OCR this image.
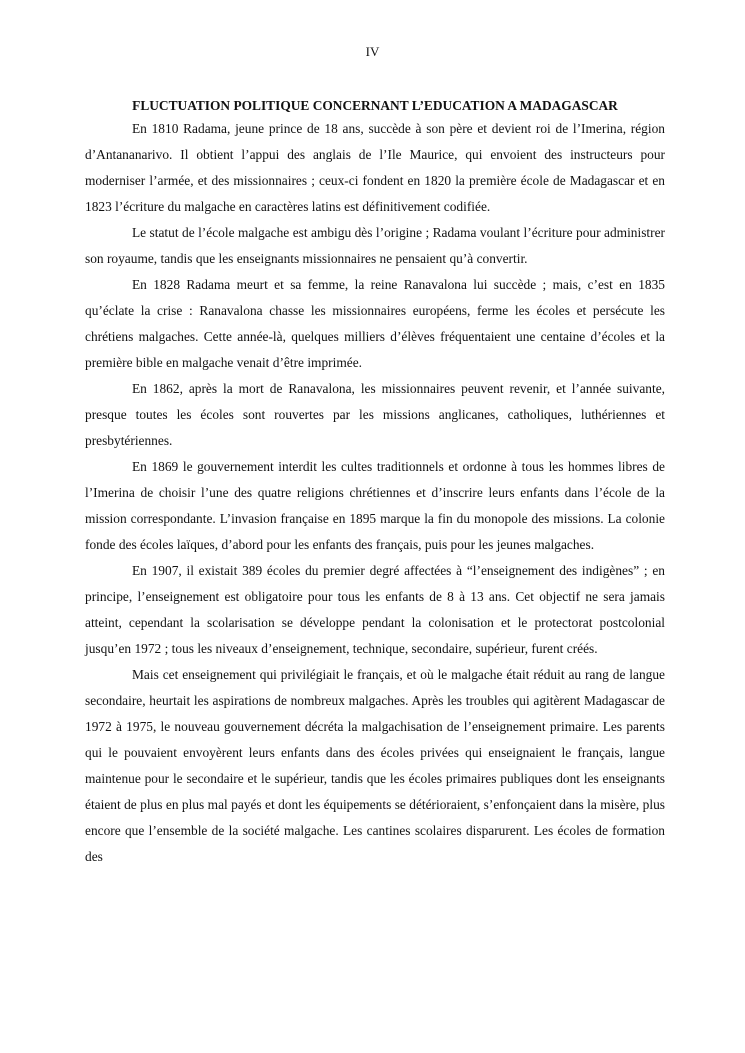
IV
FLUCTUATION POLITIQUE CONCERNANT L’EDUCATION A MADAGASCAR

En 1810 Radama, jeune prince de 18 ans, succède à son père et devient roi de l’Imerina, région d’Antananarivo. Il obtient l’appui des anglais de l’Ile Maurice, qui envoient des instructeurs pour moderniser l’armée, et des missionnaires ; ceux-ci fondent en 1820 la première école de Madagascar et en 1823 l’écriture du malgache en caractères latins est définitivement codifiée.

Le statut de l’école malgache est ambigu dès l’origine ; Radama voulant l’écriture pour administrer son royaume, tandis que les enseignants missionnaires ne pensaient qu’à convertir.

En 1828 Radama meurt et sa femme, la reine Ranavalona lui succède ; mais, c’est en 1835 qu’éclate la crise : Ranavalona chasse les missionnaires européens, ferme les écoles et persécute les chrétiens malgaches. Cette année-là, quelques milliers d’élèves fréquentaient une centaine d’écoles et la première bible en malgache venait d’être imprimée.

En 1862, après la mort de Ranavalona, les missionnaires peuvent revenir, et l’année suivante, presque toutes les écoles sont rouvertes par les missions anglicanes, catholiques, luthériennes et presbytériennes.

En 1869 le gouvernement interdit les cultes traditionnels et ordonne à tous les hommes libres de l’Imerina de choisir l’une des quatre religions chrétiennes et d’inscrire leurs enfants dans l’école de la mission correspondante. L’invasion française en 1895 marque la fin du monopole des missions. La colonie fonde des écoles laïques, d’abord pour les enfants des français, puis pour les jeunes malgaches.

En 1907, il existait 389 écoles du premier degré affectées à “l’enseignement des indigènes” ; en principe, l’enseignement est obligatoire pour tous les enfants de 8 à 13 ans. Cet objectif ne sera jamais atteint, cependant la scolarisation se développe pendant la colonisation et le protectorat postcolonial jusqu’en 1972 ; tous les niveaux d’enseignement, technique, secondaire, supérieur, furent créés.

Mais cet enseignement qui privilégiait le français, et où le malgache était réduit au rang de langue secondaire, heurtait les aspirations de nombreux malgaches. Après les troubles qui agitèrent Madagascar de 1972 à 1975, le nouveau gouvernement décréta la malgachisation de l’enseignement primaire. Les parents qui le pouvaient envoyèrent leurs enfants dans des écoles privées qui enseignaient le français, langue maintenue pour le secondaire et le supérieur, tandis que les écoles primaires publiques dont les enseignants étaient de plus en plus mal payés et dont les équipements se détérioraient, s’enfonçaient dans la misère, plus encore que l’ensemble de la société malgache. Les cantines scolaires disparurent. Les écoles de formation des
